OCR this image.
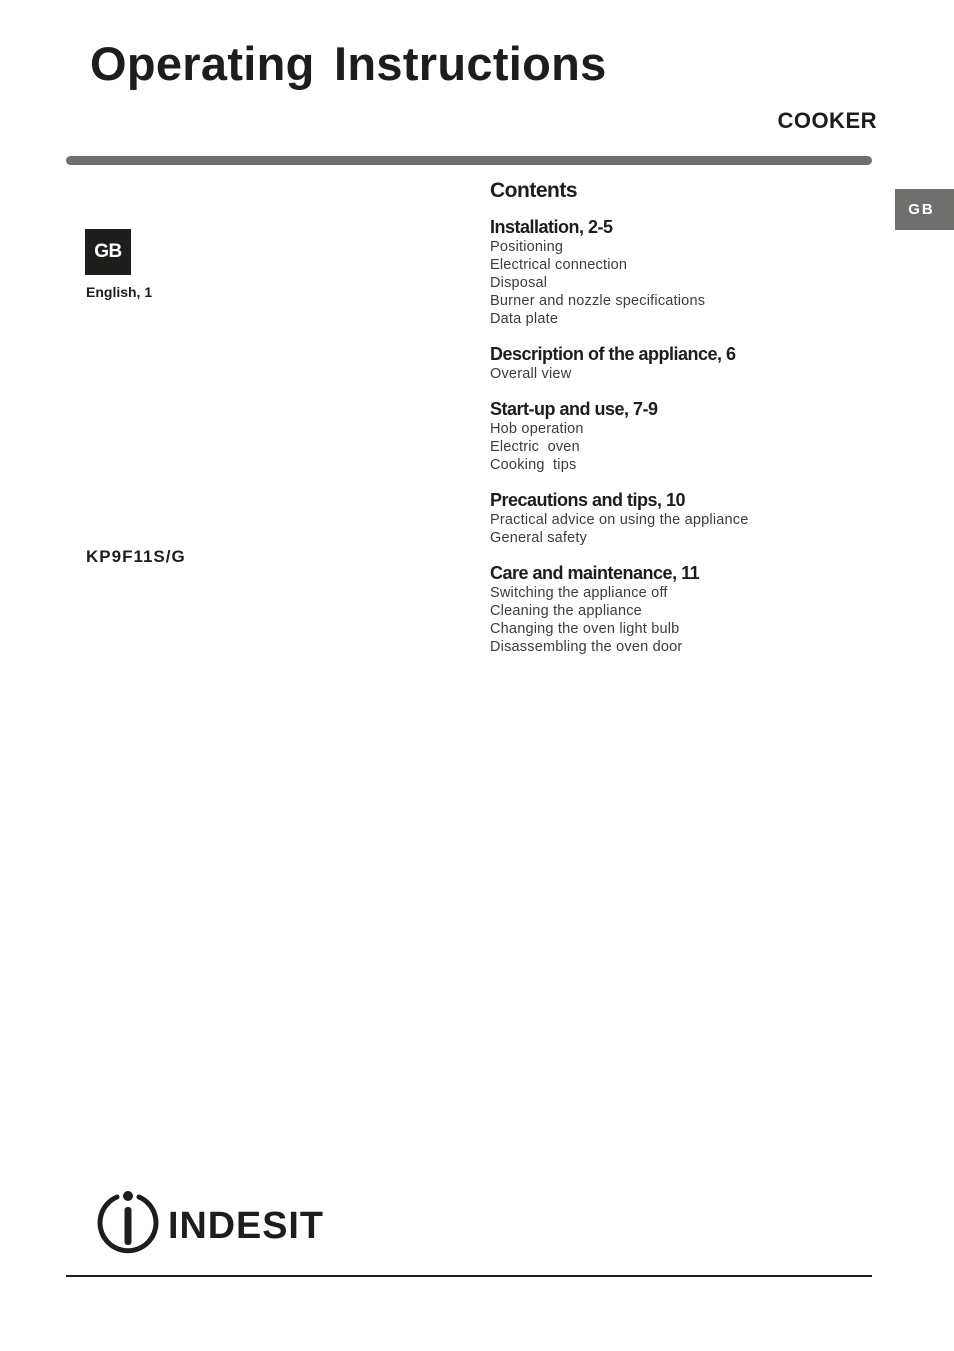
Operating Instructions
COOKER
GB
GB
English, 1
KP9F11S/G
Contents
Installation, 2-5
Positioning
Electrical connection
Disposal
Burner and nozzle specifications
Data plate
Description of the appliance, 6
Overall view
Start-up and use, 7-9
Hob operation
Electric  oven
Cooking  tips
Precautions and tips, 10
Practical advice on using the appliance
General safety
Care and maintenance, 11
Switching the appliance off
Cleaning the appliance
Changing the oven light bulb
Disassembling the oven door
INDESIT
